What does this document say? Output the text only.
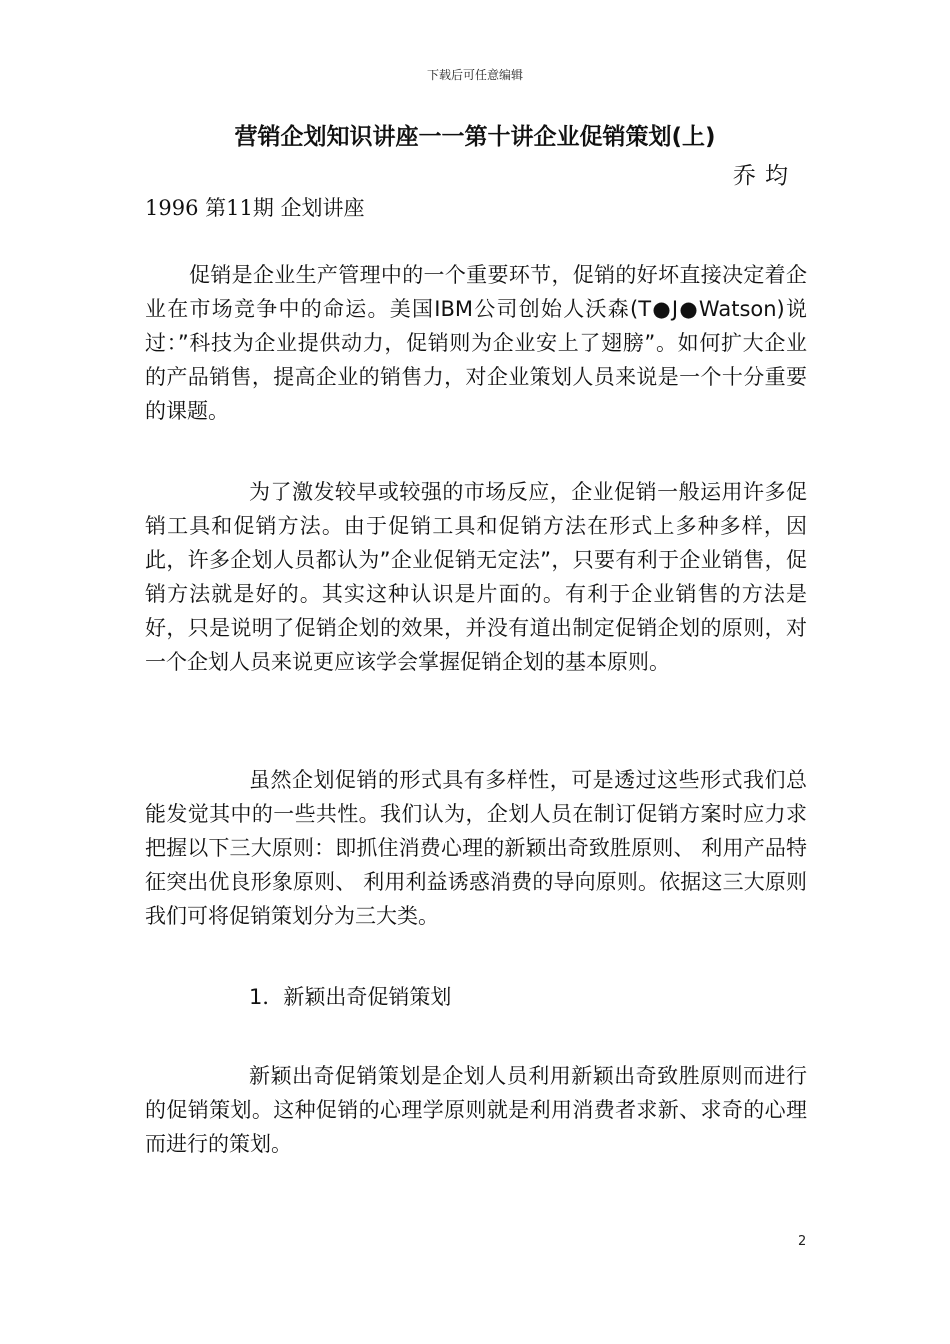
下载后可任意编辑
营销企划知识讲座一一第十讲企业促销策划(上)
乔均
1996 第11期 企划讲座

促销是企业生产管理中的一个重要环节，促销的好坏直接决定着企业在市场竞争中的命运。美国IBM公司创始人沃森(T●J●Watson)说过：”科技为企业提供动力，促销则为企业安上了翅膀”。如何扩大企业的产品销售，提高企业的销售力，对企业策划人员来说是一个十分重要的课题。

为了激发较早或较强的市场反应，企业促销一般运用许多促销工具和促销方法。由于促销工具和促销方法在形式上多种多样，因此，许多企划人员都认为”企业促销无定法”，只要有利于企业销售，促销方法就是好的。其实这种认识是片面的。有利于企业销售的方法是好，只是说明了促销企划的效果，并没有道出制定促销企划的原则，对一个企划人员来说更应该学会掌握促销企划的基本原则。

虽然企划促销的形式具有多样性，可是透过这些形式我们总能发觉其中的一些共性。我们认为，企划人员在制订促销方案时应力求把握以下三大原则：即抓住消费心理的新颖出奇致胜原则、 利用产品特征突出优良形象原则、 利用利益诱惑消费的导向原则。依据这三大原则我们可将促销策划分为三大类。

1．新颖出奇促销策划

新颖出奇促销策划是企划人员利用新颖出奇致胜原则而进行的促销策划。这种促销的心理学原则就是利用消费者求新、求奇的心理而进行的策划。

2
